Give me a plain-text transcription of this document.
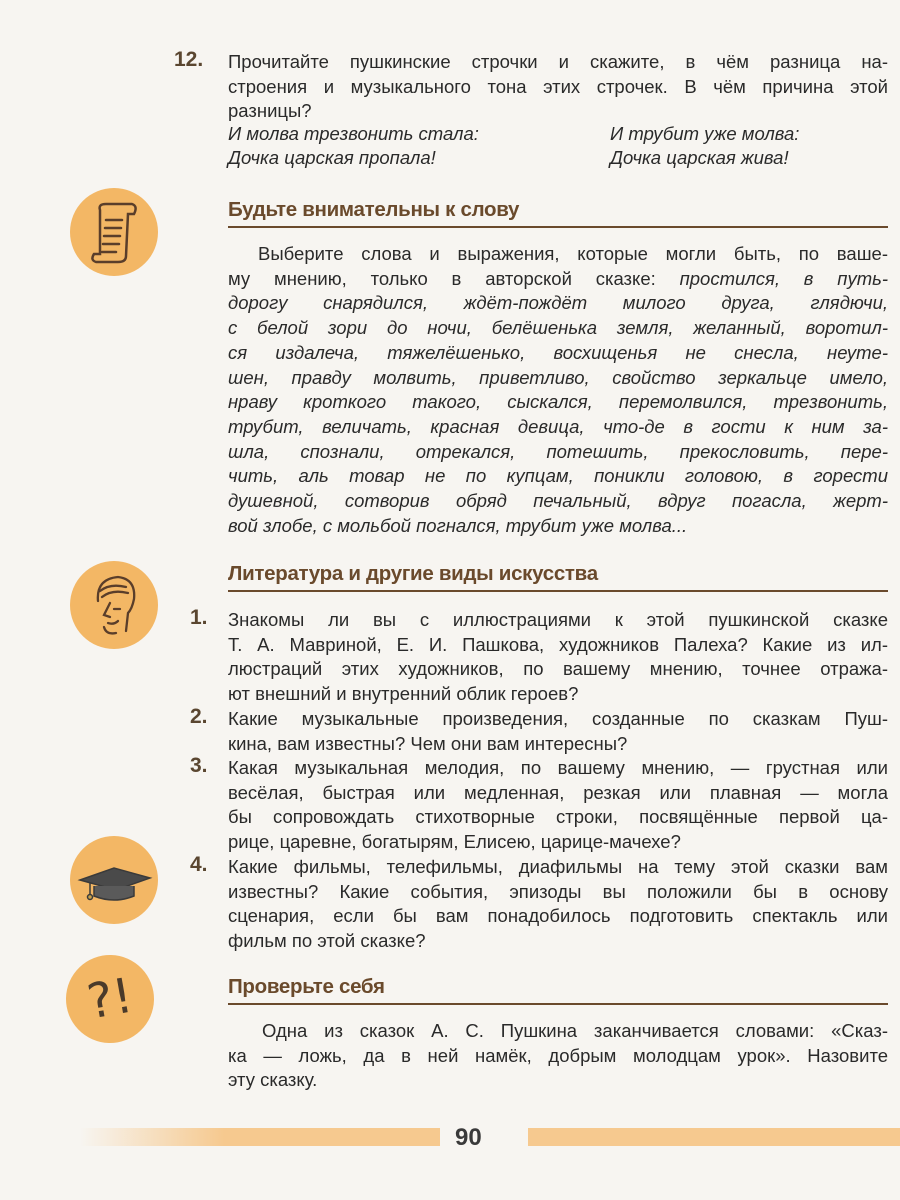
12. Прочитайте пушкинские строчки и скажите, в чём разница на-
строения и музыкального тона этих строчек. В чём причина этой
разницы?
И молва трезвонить стала:
Дочка царская пропала!
И трубит уже молва:
Дочка царская жива!
Будьте внимательны к слову
Выберите слова и выражения, которые могли быть, по ваше-
му мнению, только в авторской сказке: простился, в путь-
дорогу снарядился, ждёт-пождёт милого друга, глядючи,
с белой зори до ночи, белёшенька земля, желанный, воротил-
ся издалеча, тяжелёшенько, восхищенья не снесла, неуте-
шен, правду молвить, приветливо, свойство зеркальце имело,
нраву кроткого такого, сыскался, перемолвился, трезвонить,
трубит, величать, красная девица, что-де в гости к ним за-
шла, спознали, отрекался, потешить, прекословить, пере-
чить, аль товар не по купцам, поникли головою, в горести
душевной, сотворив обряд печальный, вдруг погасла, жерт-
вой злобе, с мольбой погнался, трубит уже молва...
Литература и другие виды искусства
1. Знакомы ли вы с иллюстрациями к этой пушкинской сказке
Т. А. Мавриной, Е. И. Пашкова, художников Палеха? Какие из ил-
люстраций этих художников, по вашему мнению, точнее отража-
ют внешний и внутренний облик героев?
2. Какие музыкальные произведения, созданные по сказкам Пуш-
кина, вам известны? Чем они вам интересны?
3. Какая музыкальная мелодия, по вашему мнению, — грустная или
весёлая, быстрая или медленная, резкая или плавная — могла
бы сопровождать стихотворные строки, посвящённые первой ца-
рице, царевне, богатырям, Елисею, царице-мачехе?
4. Какие фильмы, телефильмы, диафильмы на тему этой сказки вам
известны? Какие события, эпизоды вы положили бы в основу
сценария, если бы вам понадобилось подготовить спектакль или
фильм по этой сказке?
?!	Проверьте себя
Одна из сказок А. С. Пушкина заканчивается словами: «Сказ-
ка — ложь, да в ней намёк, добрым молодцам урок». Назовите
эту сказку.
90
